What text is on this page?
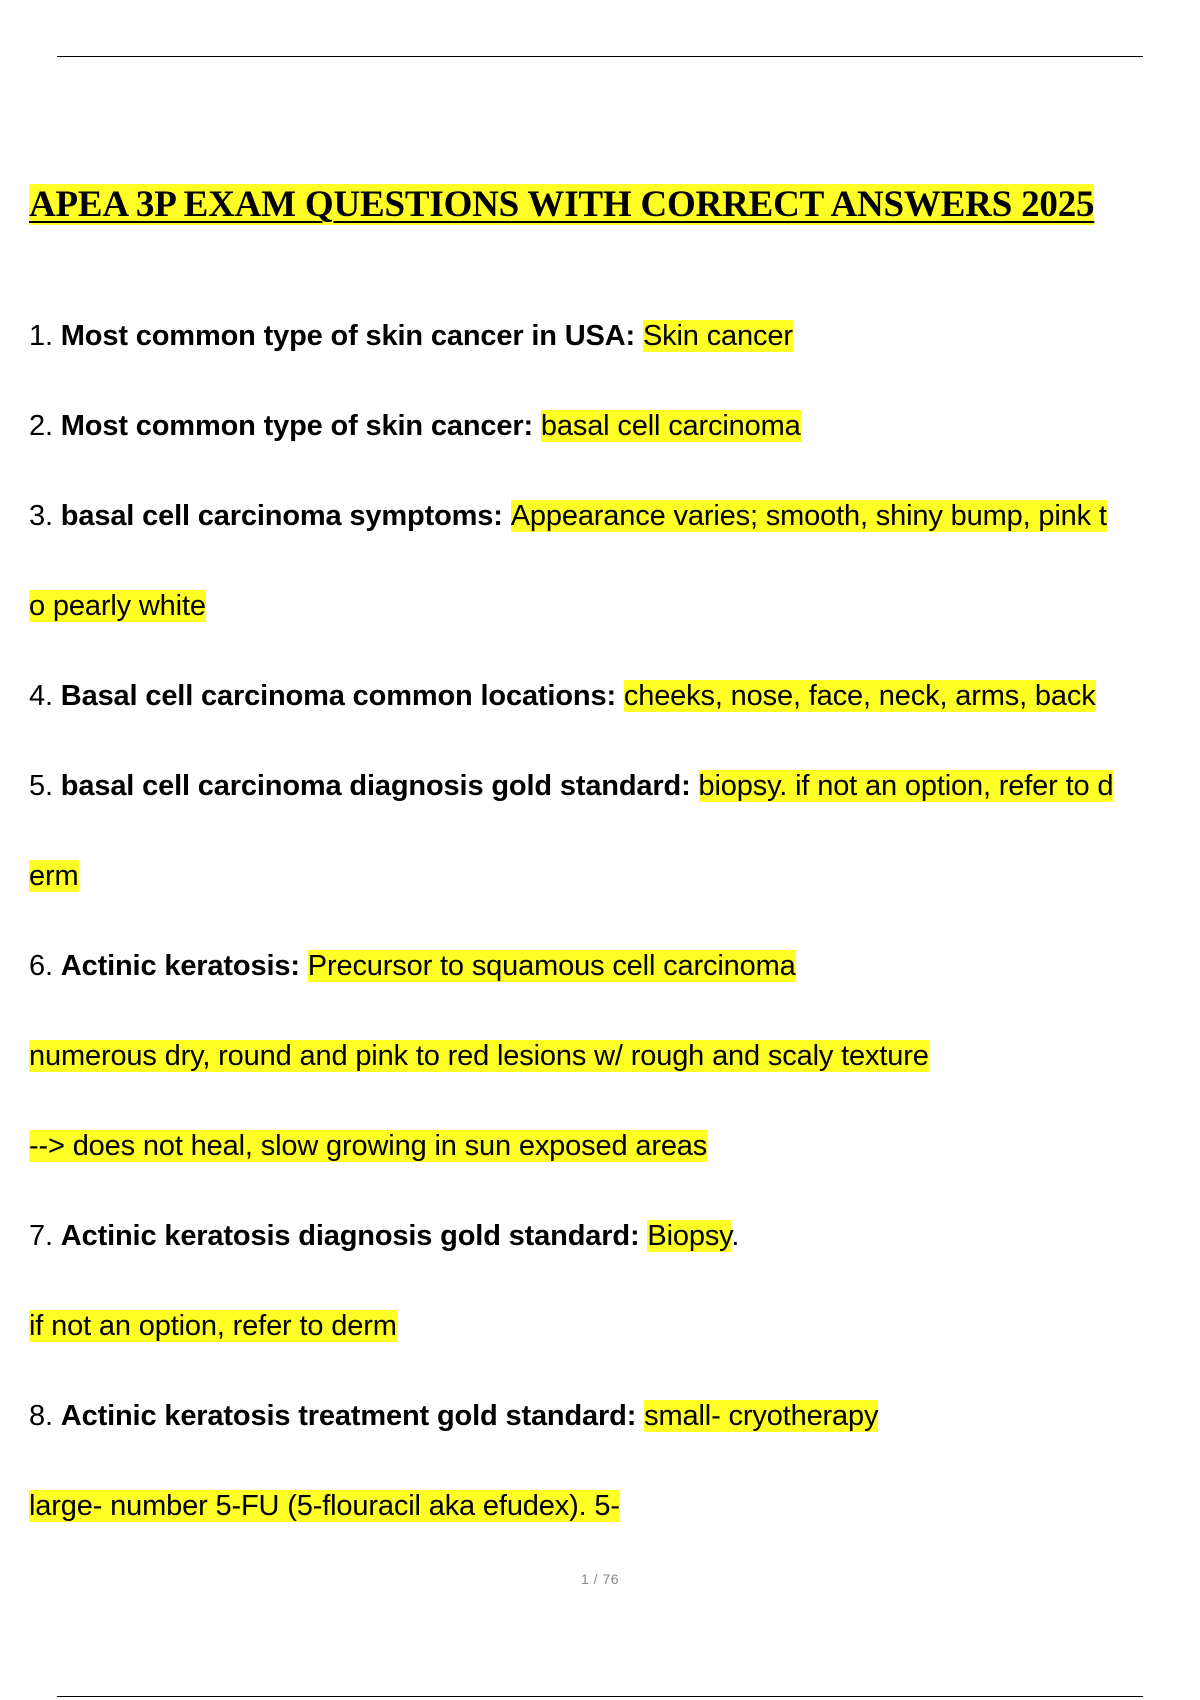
APEA 3P EXAM QUESTIONS WITH CORRECT ANSWERS 2025
1. Most common type of skin cancer in USA: Skin cancer
2. Most common type of skin cancer: basal cell carcinoma
3. basal cell carcinoma symptoms: Appearance varies; smooth, shiny bump, pink t
o pearly white
4. Basal cell carcinoma common locations: cheeks, nose, face, neck, arms, back
5. basal cell carcinoma diagnosis gold standard: biopsy. if not an option, refer to d
erm
6. Actinic keratosis: Precursor to squamous cell carcinoma
numerous dry, round and pink to red lesions w/ rough and scaly texture
--> does not heal, slow growing in sun exposed areas
7. Actinic keratosis diagnosis gold standard: Biopsy.
if not an option, refer to derm
8. Actinic keratosis treatment gold standard: small- cryotherapy
large- number 5-FU (5-flouracil aka efudex). 5-
1 / 76
